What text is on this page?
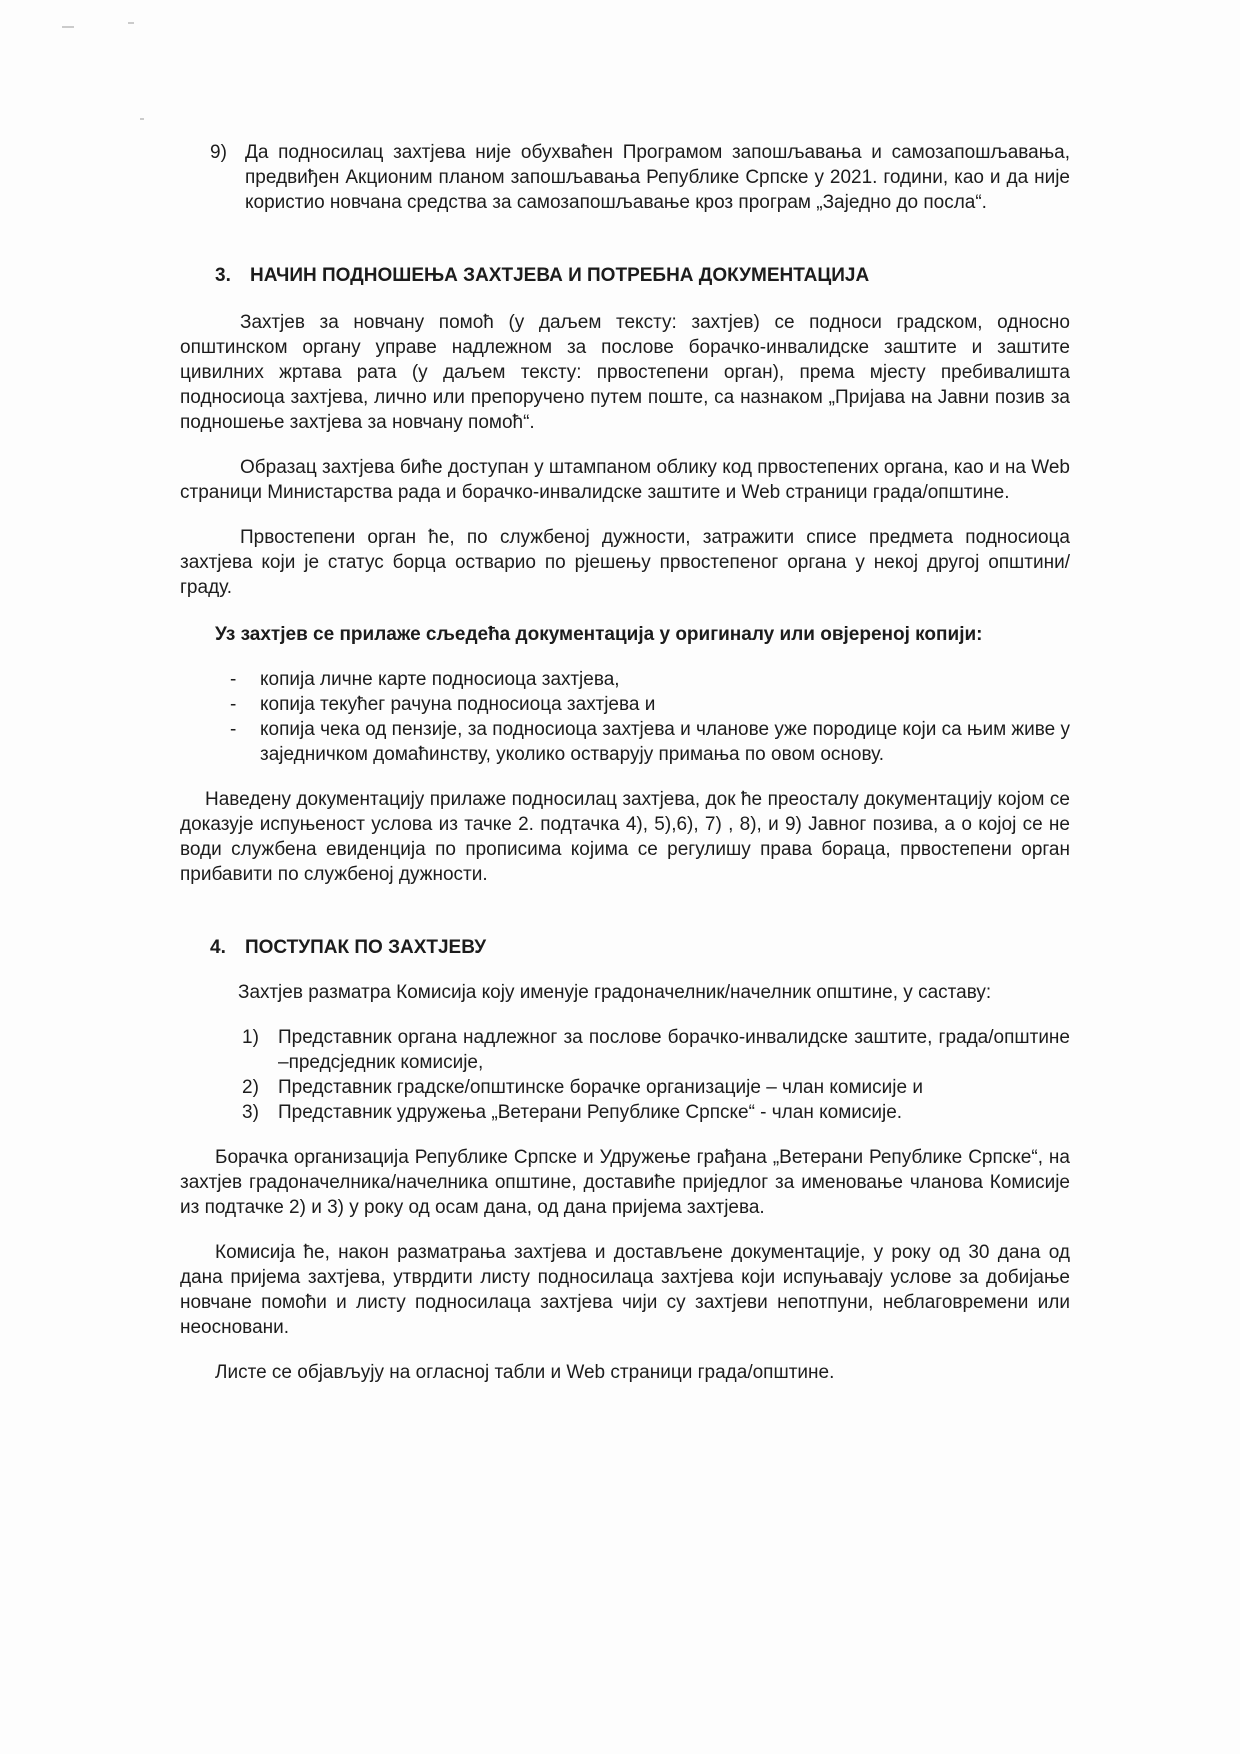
9) Да подносилац захтјева није обухваћен Програмом запошљавања и самозапошљавања, предвиђен Акционим планом запошљавања Републике Српске у 2021. години, као и да није користио новчана средства за самозапошљавање кроз програм „Заједно до посла“.
3.	НАЧИН ПОДНОШЕЊА ЗАХТЈЕВА И ПОТРЕБНА ДОКУМЕНТАЦИЈА

Захтјев за новчану помоћ (у даљем тексту: захтјев) се подноси градском, односно општинском органу управе надлежном за послове борачко-инвалидске заштите и заштите цивилних жртава рата (у даљем тексту: првостепени орган), према мјесту пребивалишта подносиоца захтјева, лично или препоручено путем поште, са назнаком „Пријава на Јавни позив за подношење захтјева за новчану помоћ“.

Образац захтјева биће доступан у штампаном облику код првостепених органа, као и на Web страници Министарства рада и борачко-инвалидске заштите и Web страници града/општине.

Првостепени орган ће, по службеној дужности, затражити списе предмета подносиоца захтјева који је статус борца остварио по рјешењу првостепеног органа у некој другој општини/граду.

Уз захтјев се прилаже сљедећа документација у оригиналу или овјереној копији:
-	копија личне карте подносиоца захтјева,
-	копија текућег рачуна подносиоца захтјева и
-	копија чека од пензије, за подносиоца захтјева и чланове уже породице који са њим живе у заједничком домаћинству, уколико остварују примања по овом основу.

Наведену документацију прилаже подносилац захтјева, док ће преосталу документацију којом се доказује испуњеност услова из тачке 2. подтачка 4), 5),6), 7) , 8), и 9) Јавног позива, а о којој се не води службена евиденција по прописима којима се регулишу права бораца, првостепени орган прибавити по службеној дужности.

4.	ПОСТУПАК ПО ЗАХТЈЕВУ
Захтјев разматра Комисија коју именује градоначелник/начелник општине, у саставу:
1)	Представник органа надлежног за послове борачко-инвалидске заштите, града/општине –предсједник комисије,
2)	Представник градске/општинске борачке организације – члан комисије и
3)	Представник удружења „Ветерани Републике Српске“ - члан комисије.

Борачка организација Републике Српске и Удружење грађана „Ветерани Републике Српске“, на захтјев градоначелника/начелника општине, доставиће приједлог за именовање чланова Комисије из подтачке 2) и 3) у року од осам дана, од дана пријема захтјева.

Комисија ће, након разматрања захтјева и достављене документације, у року од 30 дана од дана пријема захтјева, утврдити листу подносилаца захтјева који испуњавају услове за добијање новчане помоћи и листу подносилаца захтјева чији су захтјеви непотпуни, неблаговремени или неосновани.

Листе се објављују на огласној табли и Web страници града/општине.
